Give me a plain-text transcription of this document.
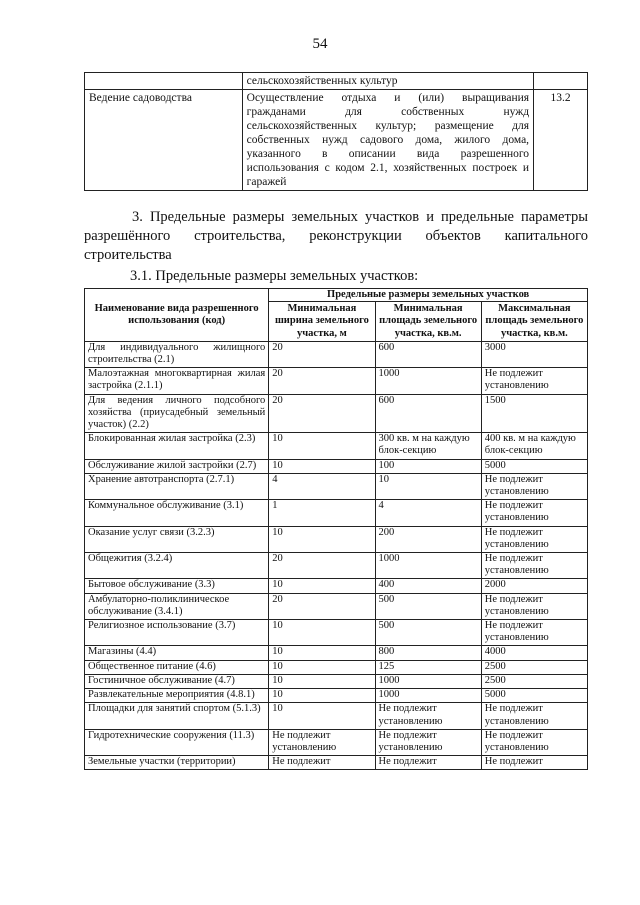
54
	сельскохозяйственных культур	
Ведение садоводства	Осуществление отдыха и (или) выращивания гражданами для собственных нужд сельскохозяйственных культур; размещение для собственных нужд садового дома, жилого дома, указанного в описании вида разрешенного использования с кодом 2.1, хозяйственных построек и гаражей	13.2
3. Предельные размеры земельных участков и предельные параметры
разрешённого строительства, реконструкции объектов капитального
строительства
3.1. Предельные размеры земельных участков:
Наименование вида разрешенного использования (код)	Предельные размеры земельных участков		
	Минимальная ширина земельного участка, м	Минимальная площадь земельного участка, кв.м.	Максимальная площадь земельного участка, кв.м.
Для индивидуального жилищного строительства (2.1)	20	600	3000
Малоэтажная многоквартирная жилая застройка (2.1.1)	20	1000	Не подлежит установлению
Для ведения личного подсобного хозяйства (приусадебный земельный участок) (2.2)	20	600	1500
Блокированная жилая застройка (2.3)	10	300 кв. м на каждую блок-секцию	400 кв. м на каждую блок-секцию
Обслуживание жилой застройки (2.7)	10	100	5000
Хранение автотранспорта (2.7.1)	4	10	Не подлежит установлению
Коммунальное обслуживание (3.1)	1	4	Не подлежит установлению
Оказание услуг связи (3.2.3)	10	200	Не подлежит установлению
Общежития (3.2.4)	20	1000	Не подлежит установлению
Бытовое обслуживание (3.3)	10	400	2000
Амбулаторно-поликлиническое обслуживание (3.4.1)	20	500	Не подлежит установлению
Религиозное использование (3.7)	10	500	Не подлежит установлению
Магазины (4.4)	10	800	4000
Общественное питание (4.6)	10	125	2500
Гостиничное обслуживание (4.7)	10	1000	2500
Развлекательные мероприятия (4.8.1)	10	1000	5000
Площадки для занятий спортом (5.1.3)	10	Не подлежит установлению	Не подлежит установлению
Гидротехнические сооружения (11.3)	Не подлежит установлению	Не подлежит установлению	Не подлежит установлению
Земельные участки (территории)	Не подлежит	Не подлежит	Не подлежит
